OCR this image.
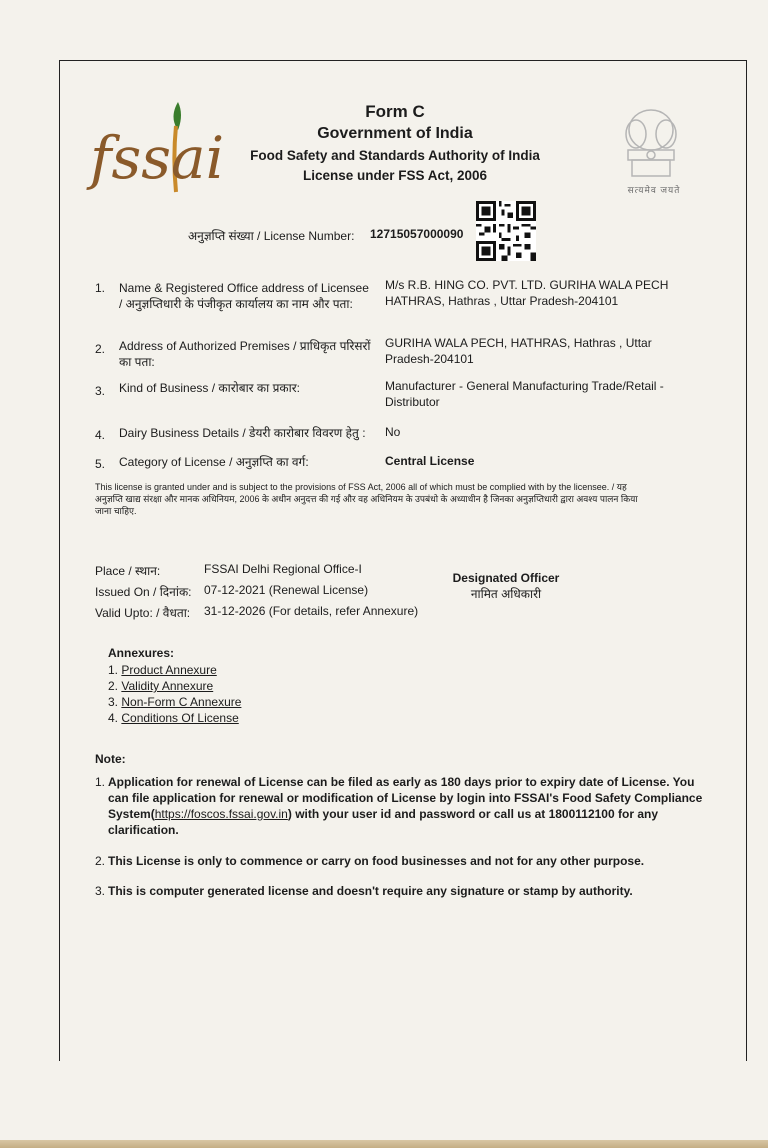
fssai	सत्यमेव जयते
Form C
Government of India
Food Safety and Standards Authority of India
License under FSS Act, 2006
अनुज्ञप्ति संख्या / License Number: 12715057000090
1. Name & Registered Office address of Licensee / अनुज्ञप्तिधारी के पंजीकृत कार्यालय का नाम और पता:
M/s R.B. HING CO. PVT. LTD. GURIHA WALA PECH HATHRAS, Hathras , Uttar Pradesh-204101
2. Address of Authorized Premises / प्राधिकृत परिसरों का पता:
GURIHA WALA PECH, HATHRAS, Hathras , Uttar Pradesh-204101
3. Kind of Business / कारोबार का प्रकार:	Manufacturer - General Manufacturing Trade/Retail - Distributor
4. Dairy Business Details / डेयरी कारोबार विवरण हेतु :	No
5. Category of License / अनुज्ञप्ति का वर्ग:	Central License
This license is granted under and is subject to the provisions of FSS Act, 2006 all of which must be complied with by the licensee. / यह अनुज्ञप्ति खाद्य संरक्षा और मानक अधिनियम, 2006 के अधीन अनुदत्त की गई और वह अधिनियम के उपबंधो के अध्याधीन है जिनका अनुज्ञप्तिधारी द्वारा अवश्य पालन किया जाना चाहिए.
Place / स्थान:	FSSAI Delhi Regional Office-I
Issued On / दिनांक: 07-12-2021 (Renewal License)
Valid Upto: / वैधता: 31-12-2026 (For details, refer Annexure)
Designated Officer
नामित अधिकारी
Annexures:
1. Product Annexure
2. Validity Annexure
3. Non-Form C Annexure
4. Conditions Of License
Note:
1. Application for renewal of License can be filed as early as 180 days prior to expiry date of License. You can file application for renewal or modification of License by login into FSSAI's Food Safety Compliance System(https://foscos.fssai.gov.in) with your user id and password or call us at 1800112100 for any clarification.
2. This License is only to commence or carry on food businesses and not for any other purpose.
3. This is computer generated license and doesn't require any signature or stamp by authority.
